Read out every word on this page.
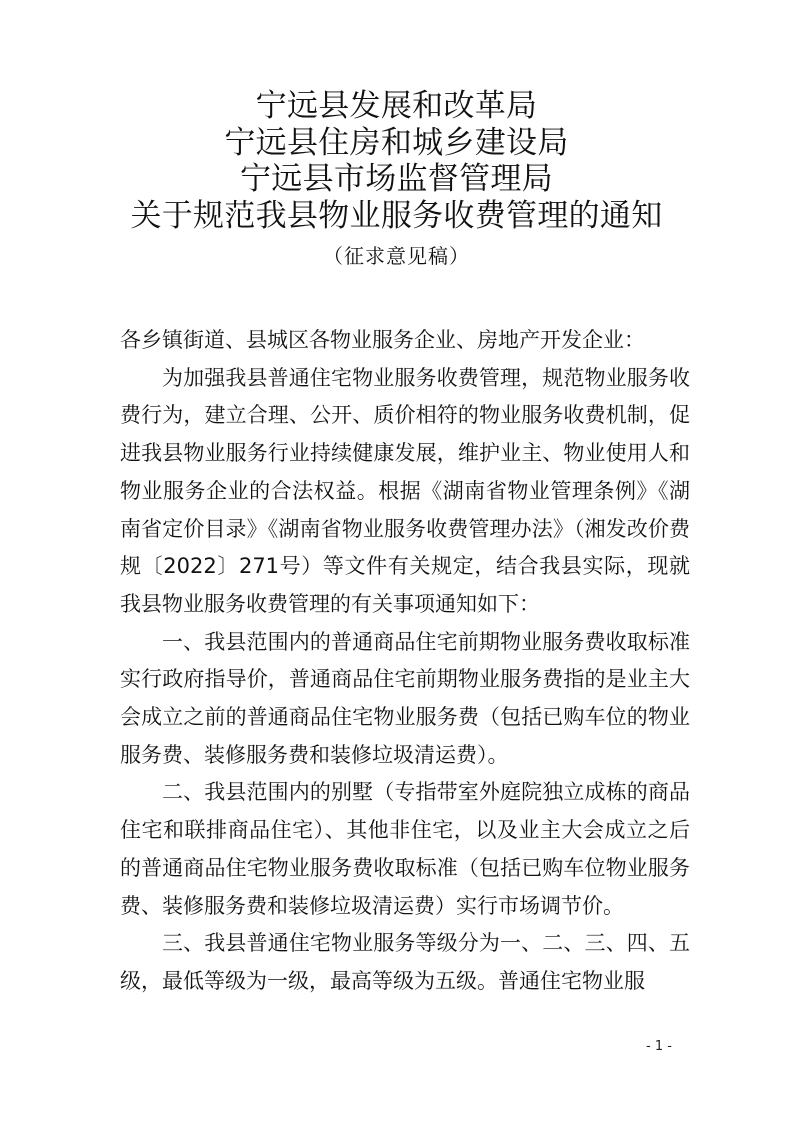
宁远县发展和改革局
宁远县住房和城乡建设局
宁远县市场监督管理局
关于规范我县物业服务收费管理的通知
（征求意见稿）

各乡镇街道、县城区各物业服务企业、房地产开发企业：

为加强我县普通住宅物业服务收费管理，规范物业服务收费行为，建立合理、公开、质价相符的物业服务收费机制，促进我县物业服务行业持续健康发展，维护业主、物业使用人和物业服务企业的合法权益。根据《湖南省物业管理条例》《湖南省定价目录》《湖南省物业服务收费管理办法》（湘发改价费规〔2022〕271号）等文件有关规定，结合我县实际，现就我县物业服务收费管理的有关事项通知如下：

一、我县范围内的普通商品住宅前期物业服务费收取标准实行政府指导价，普通商品住宅前期物业服务费指的是业主大会成立之前的普通商品住宅物业服务费（包括已购车位的物业服务费、装修服务费和装修垃圾清运费）。

二、我县范围内的别墅（专指带室外庭院独立成栋的商品住宅和联排商品住宅）、其他非住宅，以及业主大会成立之后的普通商品住宅物业服务费收取标准（包括已购车位物业服务费、装修服务费和装修垃圾清运费）实行市场调节价。

三、我县普通住宅物业服务等级分为一、二、三、四、五级，最低等级为一级，最高等级为五级。普通住宅物业服

- 1 -
